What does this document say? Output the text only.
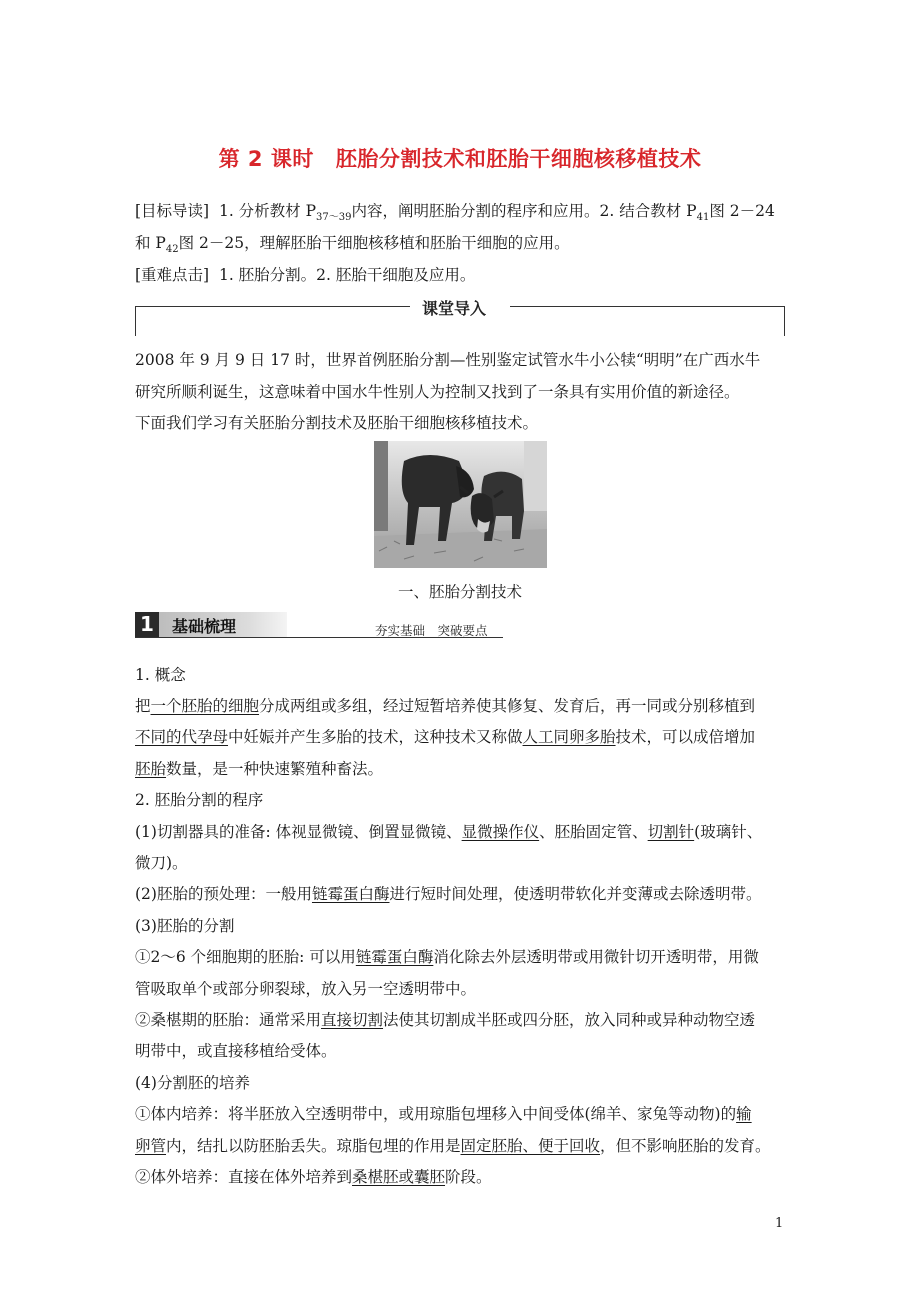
第 2 课时 胚胎分割技术和胚胎干细胞核移植技术
[目标导读] 1. 分析教材 $P_{37\sim 39}$内容，阐明胚胎分割的程序和应用。2. 结合教材 $P_{41}$图 2－24
和 $P_{42}$图 2－25，理解胚胎干细胞核移植和胚胎干细胞的应用。
[重难点击] 1. 胚胎分割。2. 胚胎干细胞及应用。
课堂导入
2008 年 9 月 9 日 17 时，世界首例胚胎分割—性别鉴定试管水牛小公犊“明明”在广西水牛
研究所顺利诞生，这意味着中国水牛性别人为控制又找到了一条具有实用价值的新途径。
下面我们学习有关胚胎分割技术及胚胎干细胞核移植技术。
一、胚胎分割技术
1	基础梳理	夯实基础　突破要点
1. 概念
把一个胚胎的细胞分成两组或多组，经过短暂培养使其修复、发育后，再一同或分别移植到
不同的代孕母中妊娠并产生多胎的技术，这种技术又称做人工同卵多胎技术，可以成倍增加
胚胎数量，是一种快速繁殖种畜法。
2. 胚胎分割的程序
(1)切割器具的准备: 体视显微镜、倒置显微镜、显微操作仪、胚胎固定管、切割针(玻璃针、
微刀)。
(2)胚胎的预处理：一般用链霉蛋白酶进行短时间处理，使透明带软化并变薄或去除透明带。
(3)胚胎的分割
①2～6 个细胞期的胚胎: 可以用链霉蛋白酶消化除去外层透明带或用微针切开透明带，用微
管吸取单个或部分卵裂球，放入另一空透明带中。
②桑椹期的胚胎：通常采用直接切割法使其切割成半胚或四分胚，放入同种或异种动物空透
明带中，或直接移植给受体。
(4)分割胚的培养
①体内培养：将半胚放入空透明带中，或用琼脂包埋移入中间受体(绵羊、家兔等动物)的输
卵管内，结扎以防胚胎丢失。琼脂包埋的作用是固定胚胎、便于回收，但不影响胚胎的发育。
②体外培养：直接在体外培养到桑椹胚或囊胚阶段。
1
